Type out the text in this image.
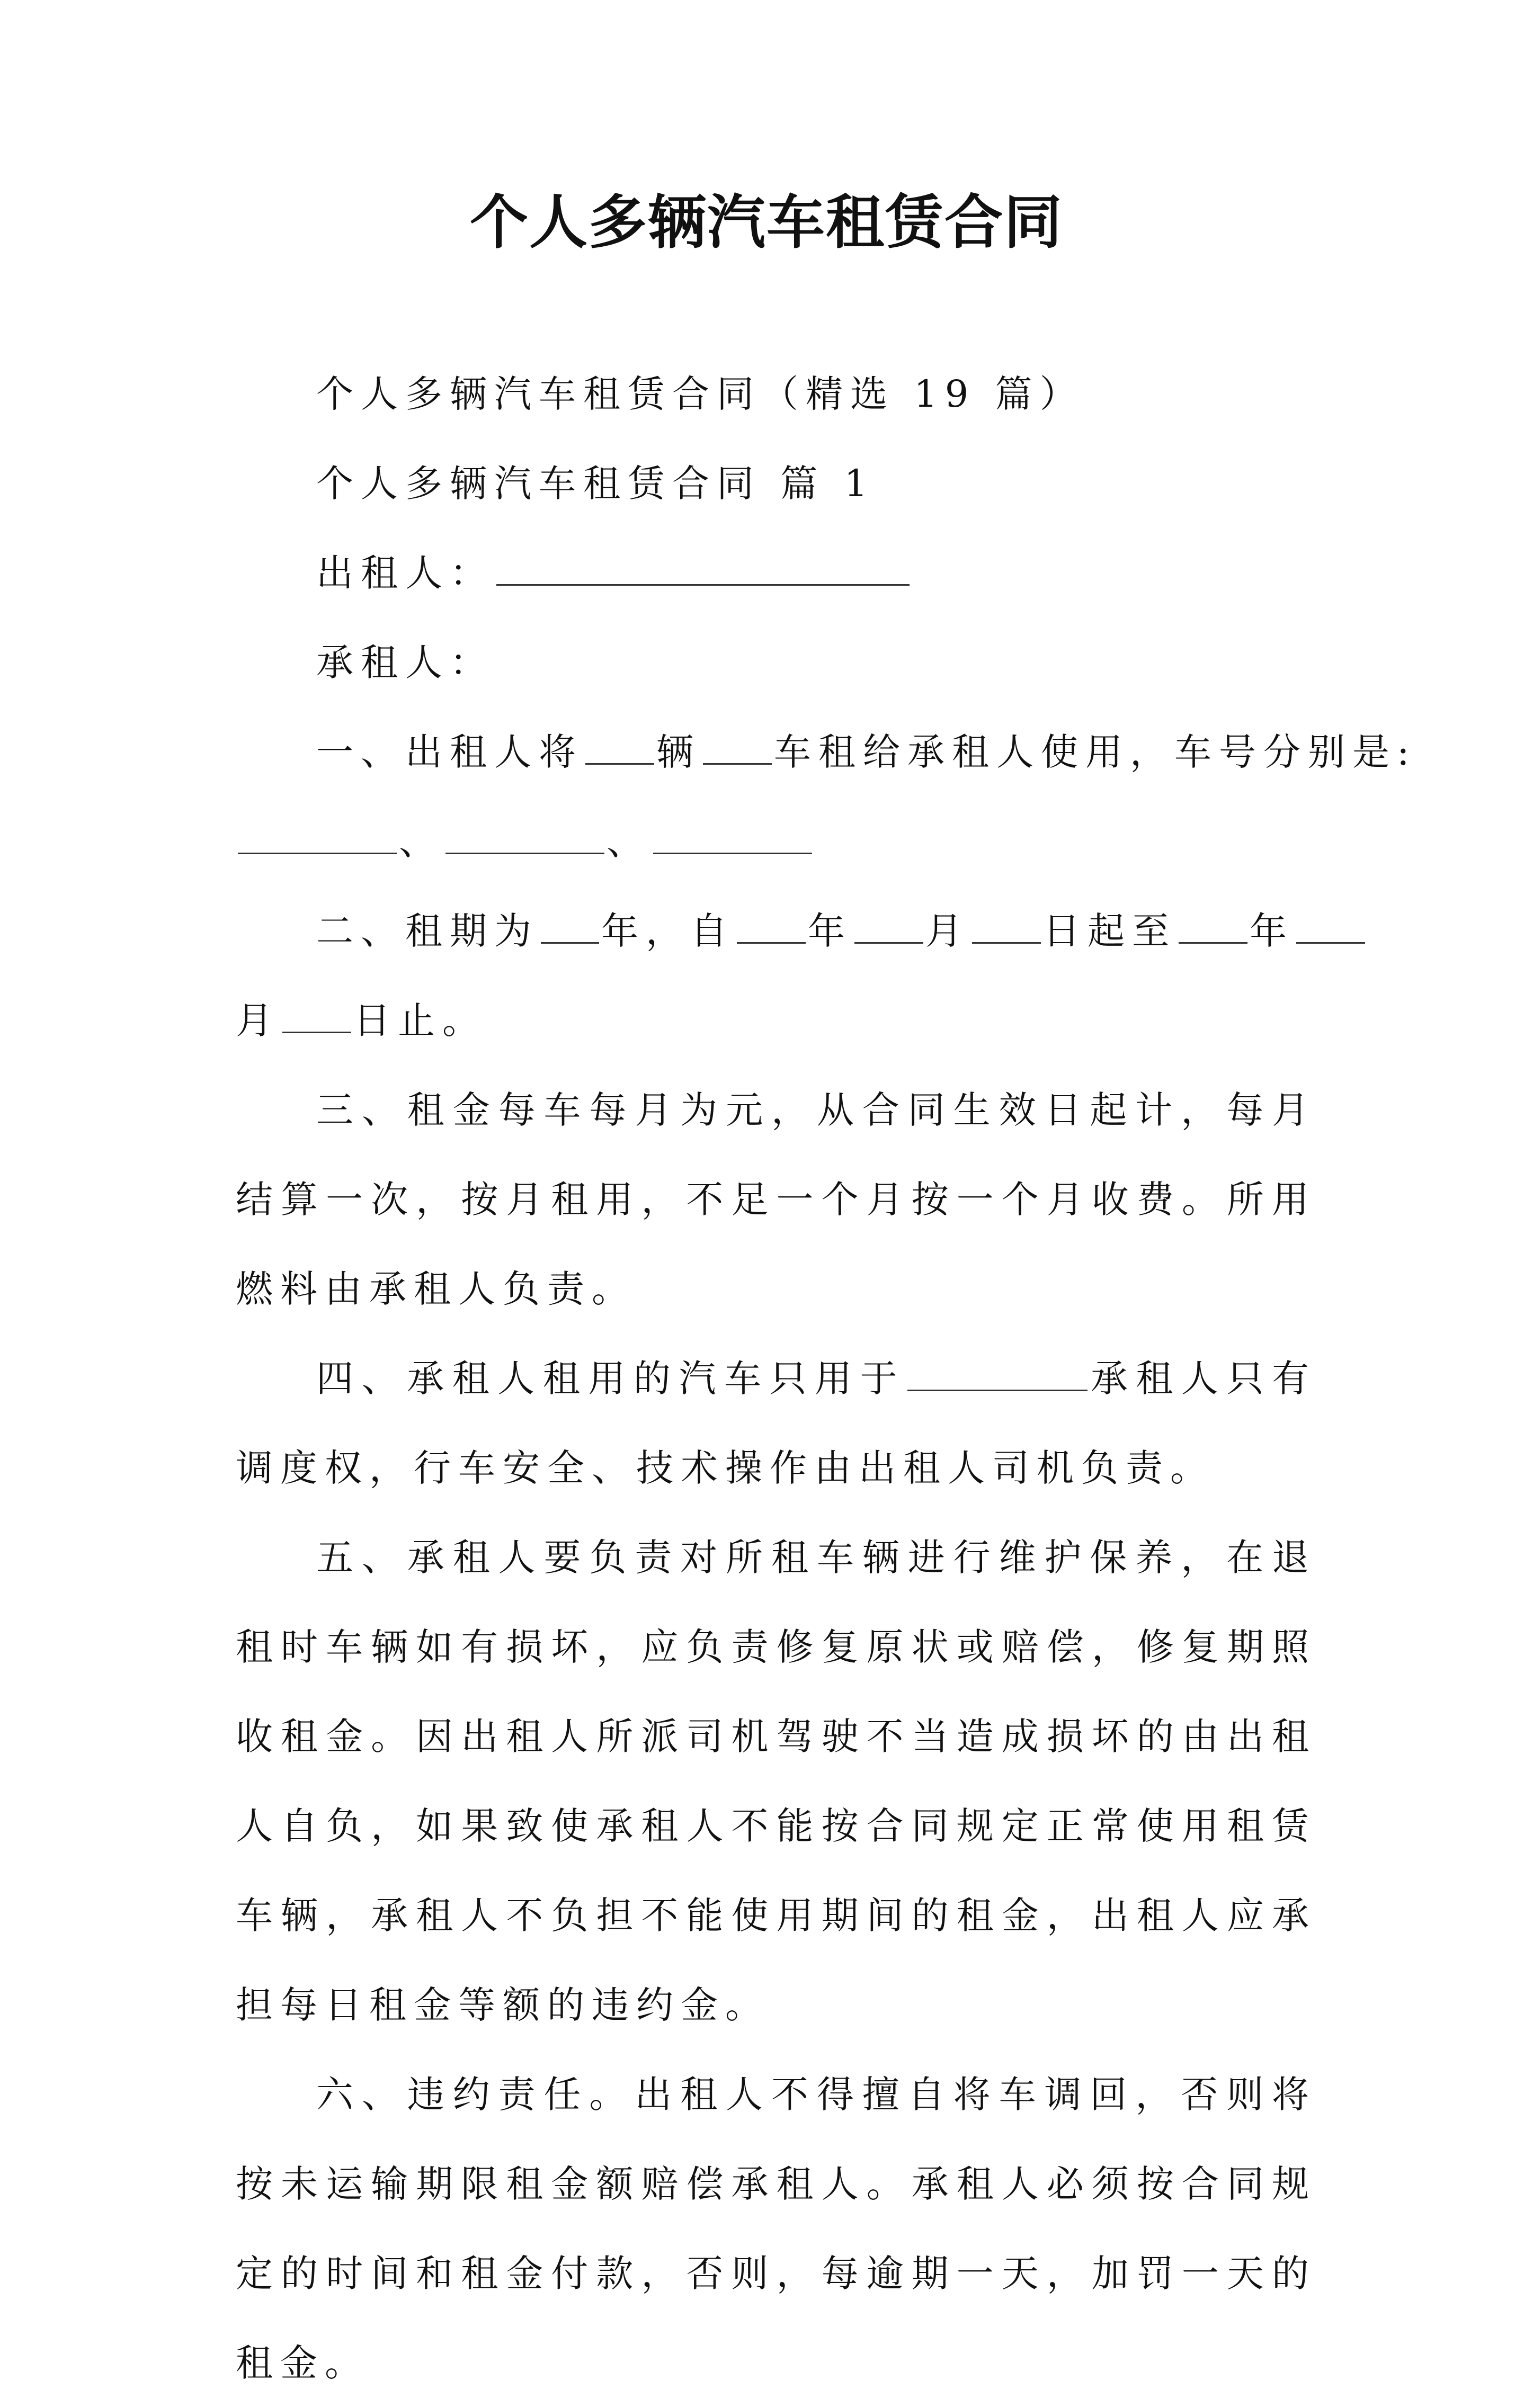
个人多辆汽车租赁合同

个人多辆汽车租赁合同（精选 19 篇）

个人多辆汽车租赁合同 篇 1

出租人：

承租人：

一、出租人将 辆 车租给承租人使用，车号分别是:

、	、

二、租期为 年，自 年 月 日起至 年

月 日止。

三、租金每车每月为元，从合同生效日起计，每月结算一次，按月租用，不足一个月按一个月收费。所用燃料由承租人负责。

四、承租人租用的汽车只用于	承租人只有调度权，行车安全、技术操作由出租人司机负责。

五、承租人要负责对所租车辆进行维护保养，在退租时车辆如有损坏，应负责修复原状或赔偿，修复期照收租金。因出租人所派司机驾驶不当造成损坏的由出租人自负，如果致使承租人不能按合同规定正常使用租赁车辆，承租人不负担不能使用期间的租金，出租人应承担每日租金等额的违约金。

六、违约责任。出租人不得擅自将车调回，否则将按未运输期限租金额赔偿承租人。承租人必须按合同规定的时间和租金付款，否则，每逾期一天，加罚一天的租金。
